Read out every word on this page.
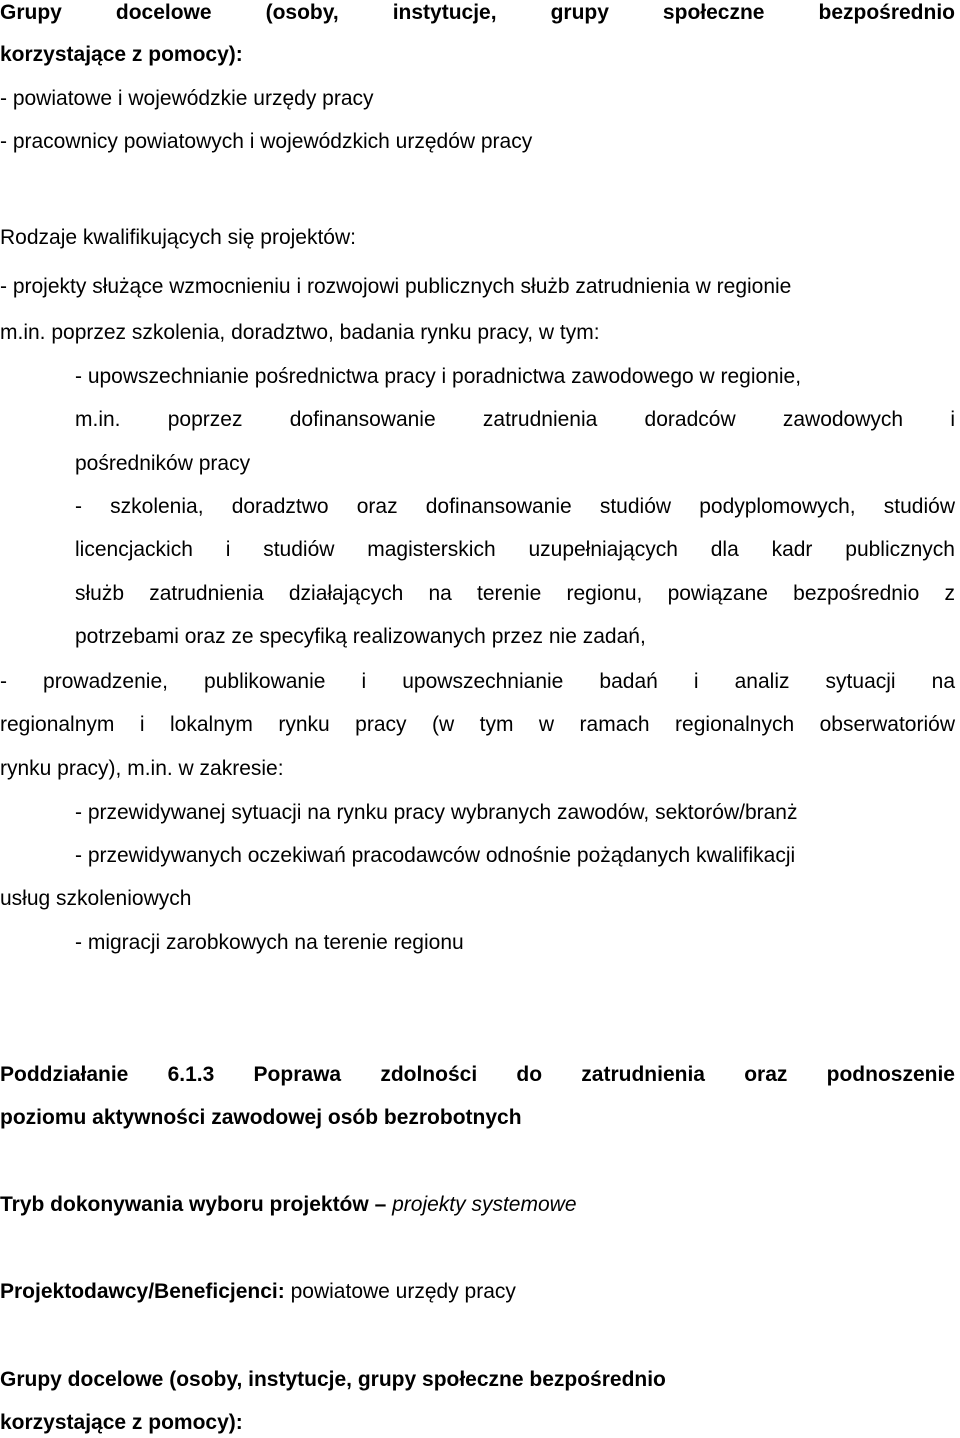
Grupy docelowe (osoby, instytucje, grupy społeczne bezpośrednio
korzystające z pomocy):
- powiatowe i wojewódzkie urzędy pracy
- pracownicy powiatowych i wojewódzkich urzędów pracy
Rodzaje kwalifikujących się projektów:
- projekty służące wzmocnieniu i rozwojowi publicznych służb zatrudnienia w regionie
m.in. poprzez szkolenia, doradztwo, badania rynku pracy, w tym:
- upowszechnianie pośrednictwa pracy i poradnictwa zawodowego w regionie,
m.in. poprzez dofinansowanie zatrudnienia doradców zawodowych i
pośredników pracy
- szkolenia, doradztwo oraz dofinansowanie studiów podyplomowych, studiów
licencjackich i studiów magisterskich uzupełniających dla kadr publicznych
służb zatrudnienia działających na terenie regionu, powiązane bezpośrednio z
potrzebami oraz ze specyfiką realizowanych przez nie zadań,
- prowadzenie, publikowanie i upowszechnianie badań i analiz sytuacji na
regionalnym i lokalnym rynku pracy (w tym w ramach regionalnych obserwatoriów
rynku pracy), m.in. w zakresie:
- przewidywanej sytuacji na rynku pracy wybranych zawodów, sektorów/branż
- przewidywanych oczekiwań pracodawców odnośnie pożądanych kwalifikacji
usług szkoleniowych
- migracji zarobkowych na terenie regionu
Poddziałanie 6.1.3 Poprawa zdolności do zatrudnienia oraz podnoszenie
poziomu aktywności zawodowej osób bezrobotnych
Tryb dokonywania wyboru projektów – projekty systemowe
Projektodawcy/Beneficjenci: powiatowe urzędy pracy
Grupy docelowe (osoby, instytucje, grupy społeczne bezpośrednio
korzystające z pomocy):
